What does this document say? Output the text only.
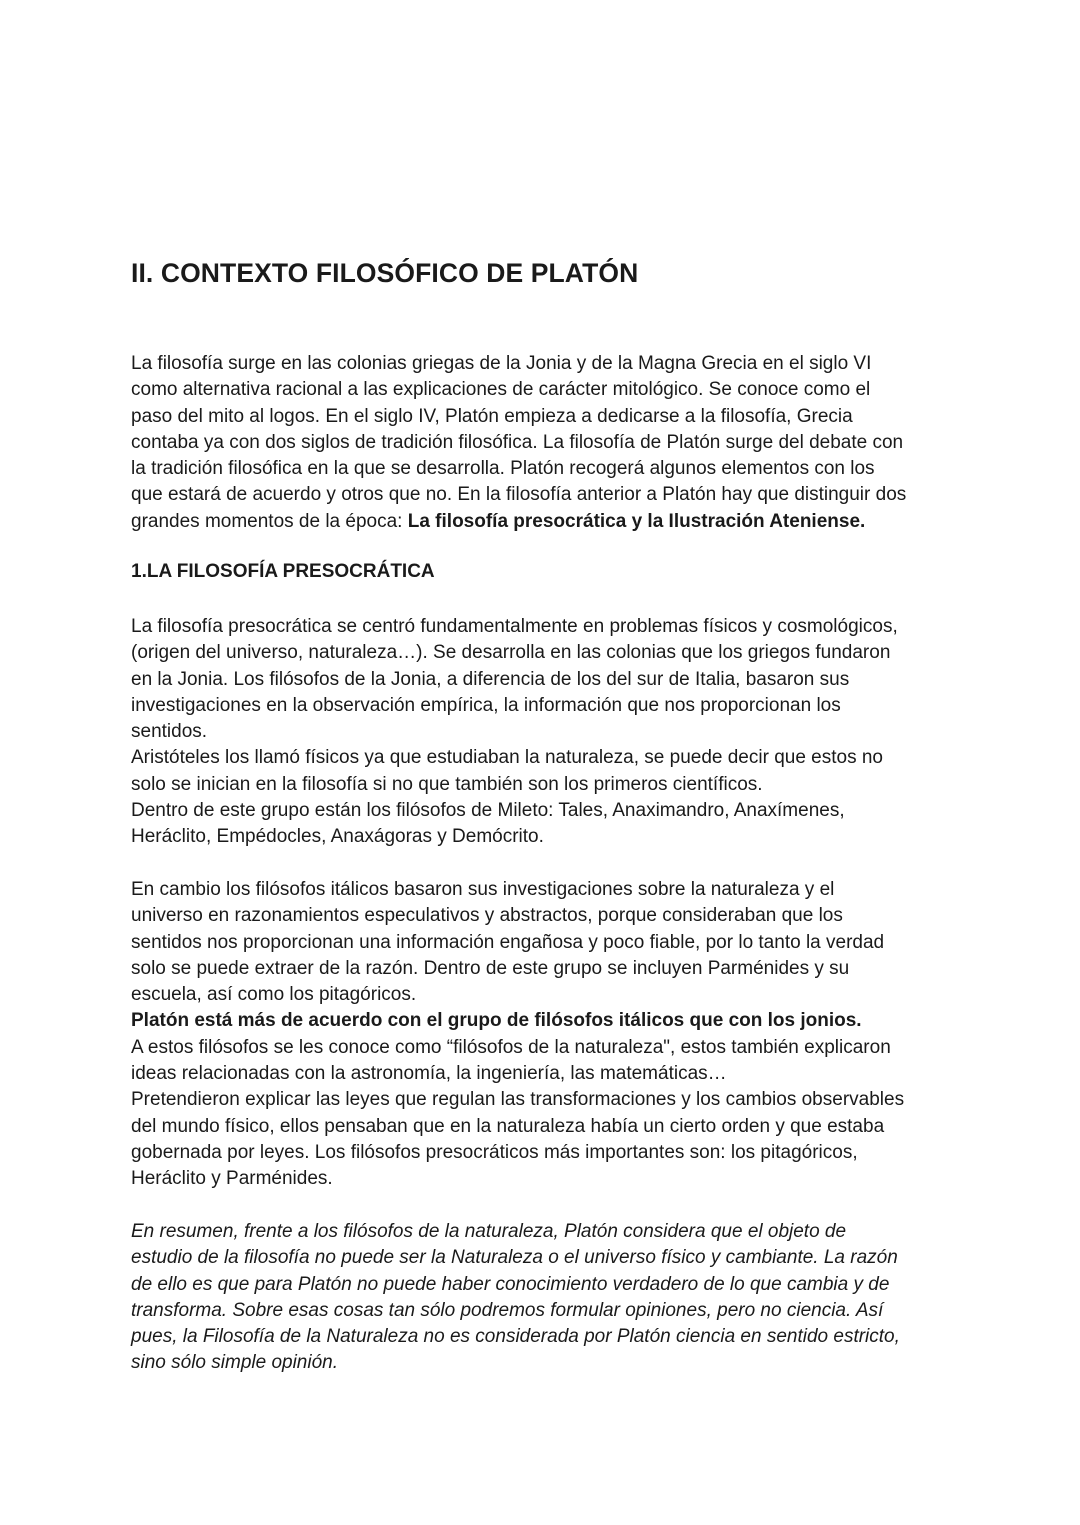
II. CONTEXTO FILOSÓFICO DE PLATÓN

La filosofía surge en las colonias griegas de la Jonia y de la Magna Grecia en el siglo VI
como alternativa racional a las explicaciones de carácter mitológico. Se conoce como el
paso del mito al logos. En el siglo IV, Platón empieza a dedicarse a la filosofía, Grecia
contaba ya con dos siglos de tradición filosófica. La filosofía de Platón surge del debate con
la tradición filosófica en la que se desarrolla. Platón recogerá algunos elementos con los
que estará de acuerdo y otros que no. En la filosofía anterior a Platón hay que distinguir dos
grandes momentos de la época: La filosofía presocrática y la Ilustración Ateniense.

1.LA FILOSOFÍA PRESOCRÁTICA

La filosofía presocrática se centró fundamentalmente en problemas físicos y cosmológicos,
(origen del universo, naturaleza…). Se desarrolla en las colonias que los griegos fundaron
en la Jonia. Los filósofos de la Jonia, a diferencia de los del sur de Italia, basaron sus
investigaciones en la observación empírica, la información que nos proporcionan los
sentidos.
Aristóteles los llamó físicos ya que estudiaban la naturaleza, se puede decir que estos no
solo se inician en la filosofía si no que también son los primeros científicos.
Dentro de este grupo están los filósofos de Mileto: Tales, Anaximandro, Anaxímenes,
Heráclito, Empédocles, Anaxágoras y Demócrito.

En cambio los filósofos itálicos basaron sus investigaciones sobre la naturaleza y el
universo en razonamientos especulativos y abstractos, porque consideraban que los
sentidos nos proporcionan una información engañosa y poco fiable, por lo tanto la verdad
solo se puede extraer de la razón. Dentro de este grupo se incluyen Parménides y su
escuela, así como los pitagóricos.
Platón está más de acuerdo con el grupo de filósofos itálicos que con los jonios.
A estos filósofos se les conoce como “filósofos de la naturaleza", estos también explicaron
ideas relacionadas con la astronomía, la ingeniería, las matemáticas…
Pretendieron explicar las leyes que regulan las transformaciones y los cambios observables
del mundo físico, ellos pensaban que en la naturaleza había un cierto orden y que estaba
gobernada por leyes. Los filósofos presocráticos más importantes son: los pitagóricos,
Heráclito y Parménides.

En resumen, frente a los filósofos de la naturaleza, Platón considera que el objeto de
estudio de la filosofía no puede ser la Naturaleza o el universo físico y cambiante. La razón
de ello es que para Platón no puede haber conocimiento verdadero de lo que cambia y de
transforma. Sobre esas cosas tan sólo podremos formular opiniones, pero no ciencia. Así
pues, la Filosofía de la Naturaleza no es considerada por Platón ciencia en sentido estricto,
sino sólo simple opinión.
